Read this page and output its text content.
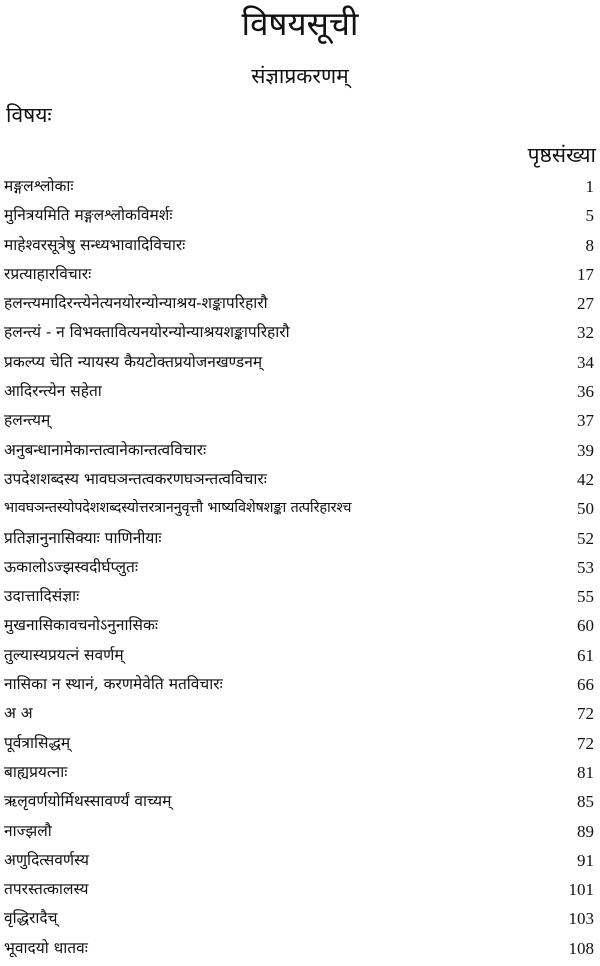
विषयसूची
संज्ञाप्रकरणम्
विषयः
पृष्ठसंख्या
मङ्गलश्लोकाः	1
मुनित्रयमिति मङ्गलश्लोकविमर्शः	5
माहेश्वरसूत्रेषु सन्ध्यभावादिविचारः	8
रप्रत्याहारविचारः	17
हलन्त्यमादिरन्त्येनेत्यनयोरन्योन्याश्रय-शङ्कापरिहारौ	27
हलन्त्यं - न विभक्तावित्यनयोरन्योन्याश्रयशङ्कापरिहारौ	32
प्रकल्प्य चेति न्यायस्य कैयटोक्तप्रयोजनखण्डनम्	34
आदिरन्त्येन सहेता	36
हलन्त्यम्	37
अनुबन्धानामेकान्तत्वानेकान्तत्वविचारः	39
उपदेशशब्दस्य भावघञन्तत्वकरणघञन्तत्वविचारः	42
भावघञन्तस्योपदेशशब्दस्योत्तरत्राननुवृत्तौ भाष्यविशेषशङ्का तत्परिहारश्च	50
प्रतिज्ञानुनासिक्याः पाणिनीयाः	52
ऊकालोऽज्झस्वदीर्घप्लुतः	53
उदात्तादिसंज्ञाः	55
मुखनासिकावचनोऽनुनासिकः	60
तुल्यास्यप्रयत्नं सवर्णम्	61
नासिका न स्थानं, करणमेवेति मतविचारः	66
अ अ	72
पूर्वत्रासिद्धम्	72
बाह्यप्रयत्नाः	81
ऋलृवर्णयोर्मिथस्सावर्ण्यं वाच्यम्	85
नाज्झलौ	89
अणुदित्सवर्णस्य	91
तपरस्तत्कालस्य	101
वृद्धिरादैच्	103
भूवादयो धातवः	108
